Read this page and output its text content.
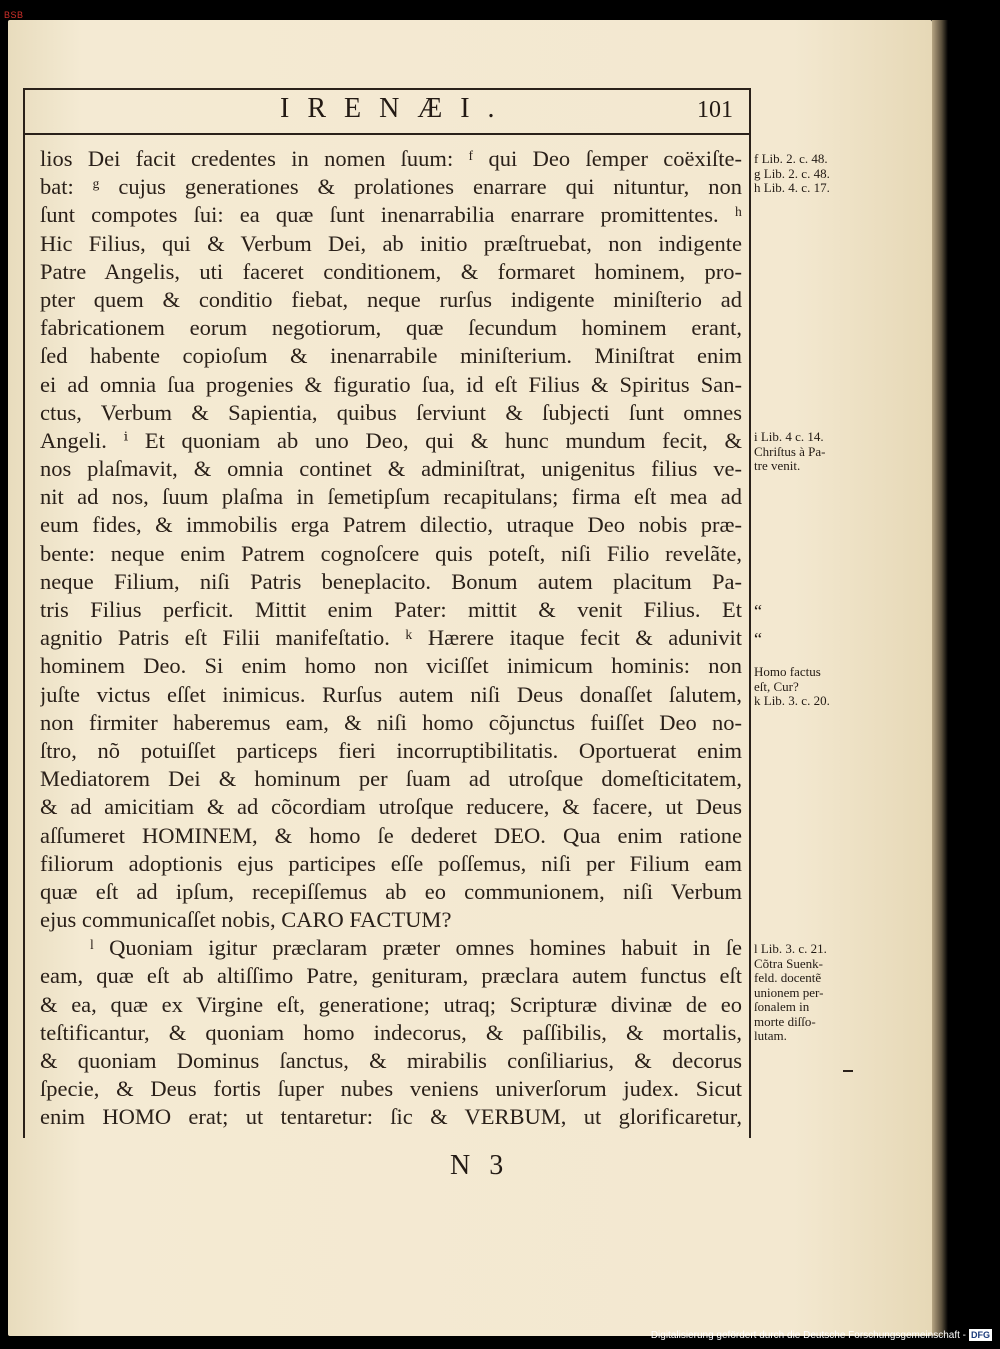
BSB
IRENÆI.	101
lios Dei facit credentes in nomen ſuum: ᶠ qui Deo ſemper coëxiſte-
bat: ᵍ cujus generationes & prolationes enarrare qui nituntur, non
ſunt compotes ſui: ea quæ ſunt inenarrabilia enarrare promittentes. ʰ
Hic Filius, qui & Verbum Dei, ab initio præſtruebat, non indigente
Patre Angelis, uti faceret conditionem, & formaret hominem, pro-
pter quem & conditio fiebat, neque rurſus indigente miniſterio ad
fabricationem eorum negotiorum, quæ ſecundum hominem erant,
ſed habente copioſum & inenarrabile miniſterium. Miniſtrat enim
ei ad omnia ſua progenies & figuratio ſua, id eſt Filius & Spiritus San-
ctus, Verbum & Sapientia, quibus ſerviunt & ſubjecti ſunt omnes
Angeli. ⁱ Et quoniam ab uno Deo, qui & hunc mundum fecit, &
nos plaſmavit, & omnia continet & adminiſtrat, unigenitus filius ve-
nit ad nos, ſuum plaſma in ſemetipſum recapitulans; firma eſt mea ad
eum fides, & immobilis erga Patrem dilectio, utraque Deo nobis præ-
bente: neque enim Patrem cognoſcere quis poteſt, niſi Filio revelãte,
neque Filium, niſi Patris beneplacito. Bonum autem placitum Pa-
tris Filius perficit. Mittit enim Pater: mittit & venit Filius. Et
agnitio Patris eſt Filii manifeſtatio. ᵏ Hærere itaque fecit & adunivit
hominem Deo. Si enim homo non viciſſet inimicum hominis: non
juſte victus eſſet inimicus. Rurſus autem niſi Deus donaſſet ſalutem,
non firmiter haberemus eam, & niſi homo cõjunctus fuiſſet Deo no-
ſtro, nõ potuiſſet particeps fieri incorruptibilitatis. Oportuerat enim
Mediatorem Dei & hominum per ſuam ad utroſque domeſticitatem,
& ad amicitiam & ad cõcordiam utroſque reducere, & facere, ut Deus
aſſumeret HOMINEM, & homo ſe dederet DEO. Qua enim ratione
filiorum adoptionis ejus participes eſſe poſſemus, niſi per Filium eam
quæ eſt ad ipſum, recepiſſemus ab eo communionem, niſi Verbum
ejus communicaſſet nobis, CARO FACTUM?
ˡ Quoniam igitur præclaram præter omnes homines habuit in ſe
eam, quæ eſt ab altiſſimo Patre, genituram, præclara autem functus eſt
& ea, quæ ex Virgine eſt, generatione; utraq; Scripturæ divinæ de eo
teſtificantur, & quoniam homo indecorus, & paſſibilis, & mortalis,
& quoniam Dominus ſanctus, & mirabilis conſiliarius, & decorus
ſpecie, & Deus fortis ſuper nubes veniens univerſorum judex. Sicut
enim HOMO erat; ut tentaretur: ſic & VERBUM, ut glorificaretur,
f Lib. 2. c. 48.
g Lib. 2. c. 48.
h Lib. 4. c. 17.
i Lib. 4 c. 14.
Chriſtus à Pa-
tre venit.
“
“
Homo factus
eſt, Cur?
k Lib. 3. c. 20.
l Lib. 3. c. 21.
Cõtra Suenk-
feld. docentẽ
unionem per-
ſonalem in
morte diſſo-
lutam.
N 3
Digitalisierung gefördert durch die Deutsche Forschungsgemeinschaft - DFG
